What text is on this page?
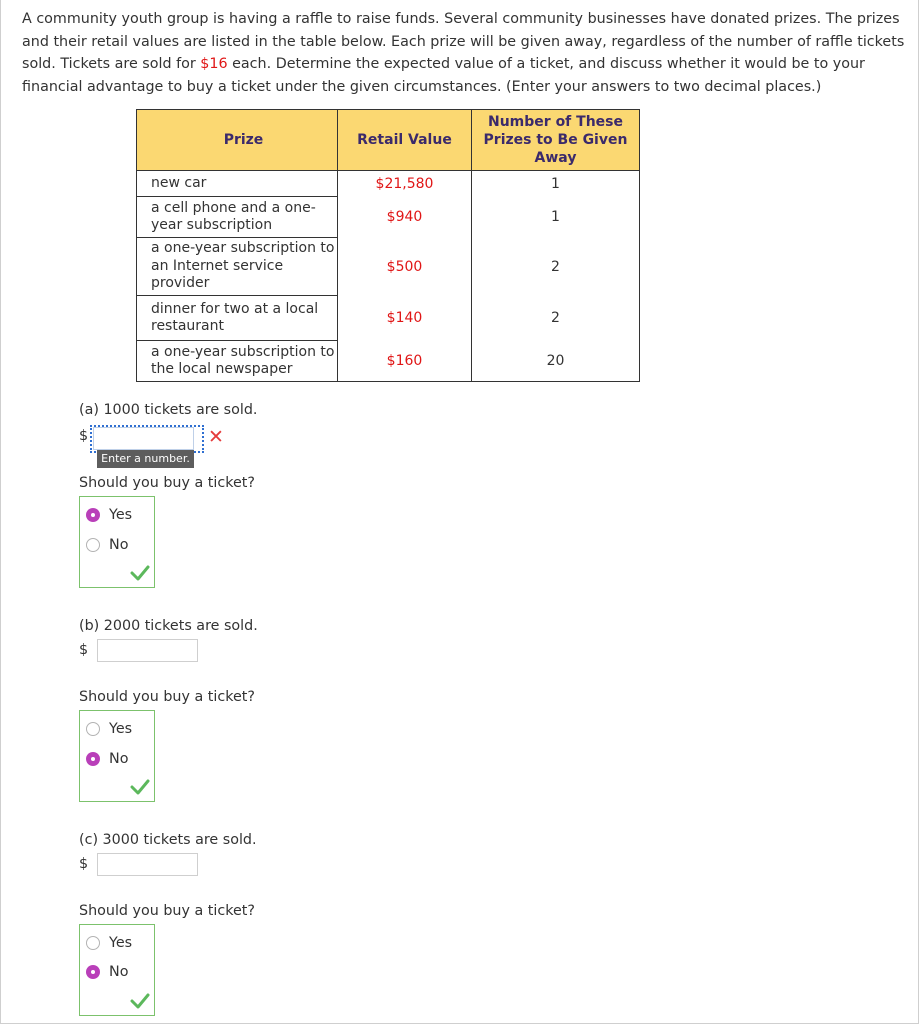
A community youth group is having a raffle to raise funds. Several community businesses have donated prizes. The prizes and their retail values are listed in the table below. Each prize will be given away, regardless of the number of raffle tickets sold. Tickets are sold for $16 each. Determine the expected value of a ticket, and discuss whether it would be to your financial advantage to buy a ticket under the given circumstances. (Enter your answers to two decimal places.)
Prize	Retail Value	Number of These Prizes to Be Given Away
new car	$21,580	1
a cell phone and a one-year subscription	$940	1
a one-year subscription to an Internet service provider	$500	2
dinner for two at a local restaurant	$140	2
a one-year subscription to the local newspaper	$160	20
(a) 1000 tickets are sold.
$	✕
Enter a number.
Should you buy a ticket?
Yes
No
(b) 2000 tickets are sold.
$
Should you buy a ticket?
Yes
No
(c) 3000 tickets are sold.
$
Should you buy a ticket?
Yes
No
